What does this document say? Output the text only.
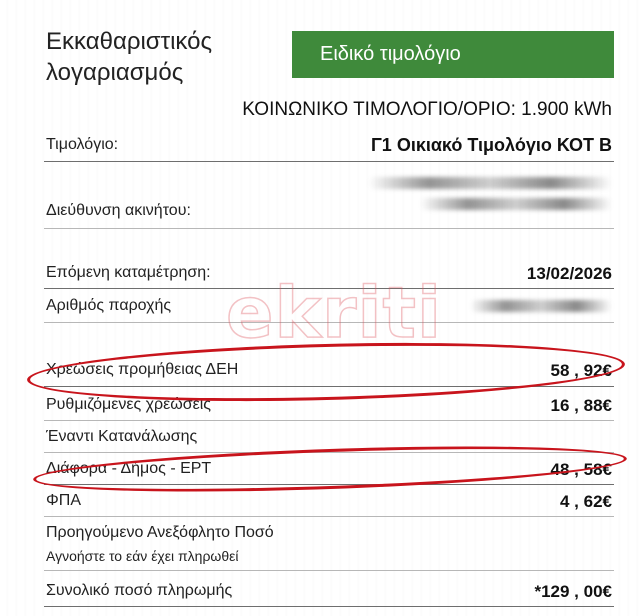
Εκκαθαριστικός
λογαριασμός
Ειδικό τιμολόγιο
ΚΟΙΝΩΝΙΚΟ ΤΙΜΟΛΟΓΙΟ/ΟΡΙΟ: 1.900 kWh
Τιμολόγιο:	Γ1 Οικιακό Τιμολόγιο ΚΟΤ Β
Διεύθυνση ακινήτου:
Επόμενη καταμέτρηση:	13/02/2026
Αριθμός παροχής
Χρεώσεις προμήθειας ΔΕΗ	58 , 92€
Ρυθμιζόμενες χρεώσεις	16 , 88€
Έναντι Κατανάλωσης
Διάφορα - Δήμος - ΕΡΤ	48 , 58€
ΦΠΑ	4 , 62€
Προηγούμενο Ανεξόφλητο Ποσό
Αγνοήστε το εάν έχει πληρωθεί
Συνολικό ποσό πληρωμής	*129 , 00€
ekriti
